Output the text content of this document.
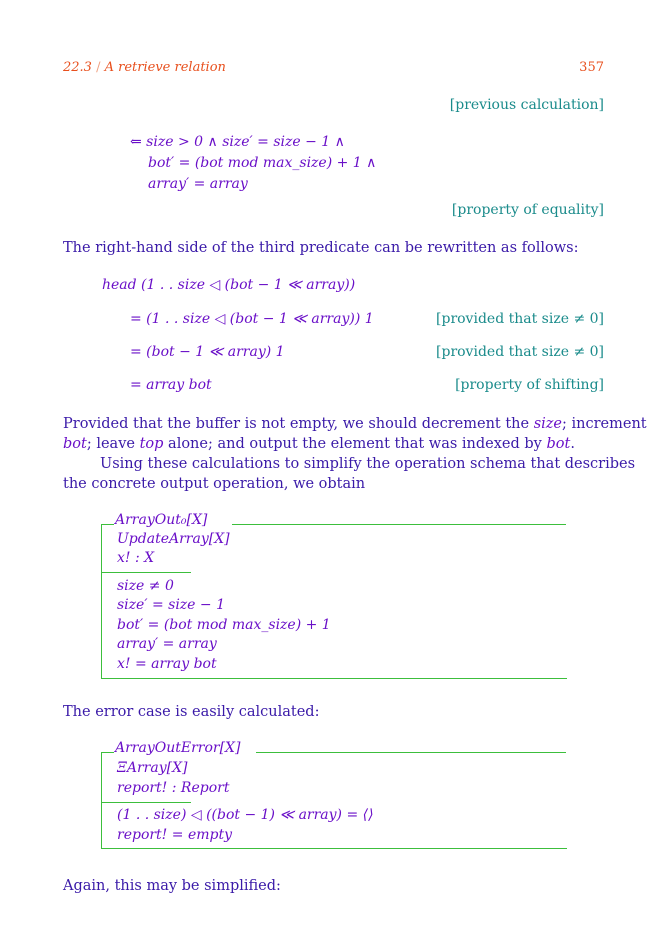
22.3 / A retrieve relation	357
[previous calculation]
⇐ size > 0 ∧ size′ = size − 1 ∧
bot′ = (bot mod max_size) + 1 ∧
array′ = array
[property of equality]
The right-hand side of the third predicate can be rewritten as follows:
head (1 . . size ◁ (bot − 1 ≪ array))
= (1 . . size ◁ (bot − 1 ≪ array)) 1	[provided that size ≠ 0]
= (bot − 1 ≪ array) 1	[provided that size ≠ 0]
= array bot	[property of shifting]
Provided that the buffer is not empty, we should decrement the size; increment
bot; leave top alone; and output the element that was indexed by bot.
Using these calculations to simplify the operation schema that describes
the concrete output operation, we obtain
ArrayOut₀[X]
UpdateArray[X]
x! : X
size ≠ 0
size′ = size − 1
bot′ = (bot mod max_size) + 1
array′ = array
x! = array bot
The error case is easily calculated:
ArrayOutError[X]
ΞArray[X]
report! : Report
(1 . . size) ◁ ((bot − 1) ≪ array) = ⟨⟩
report! = empty
Again, this may be simplified:
